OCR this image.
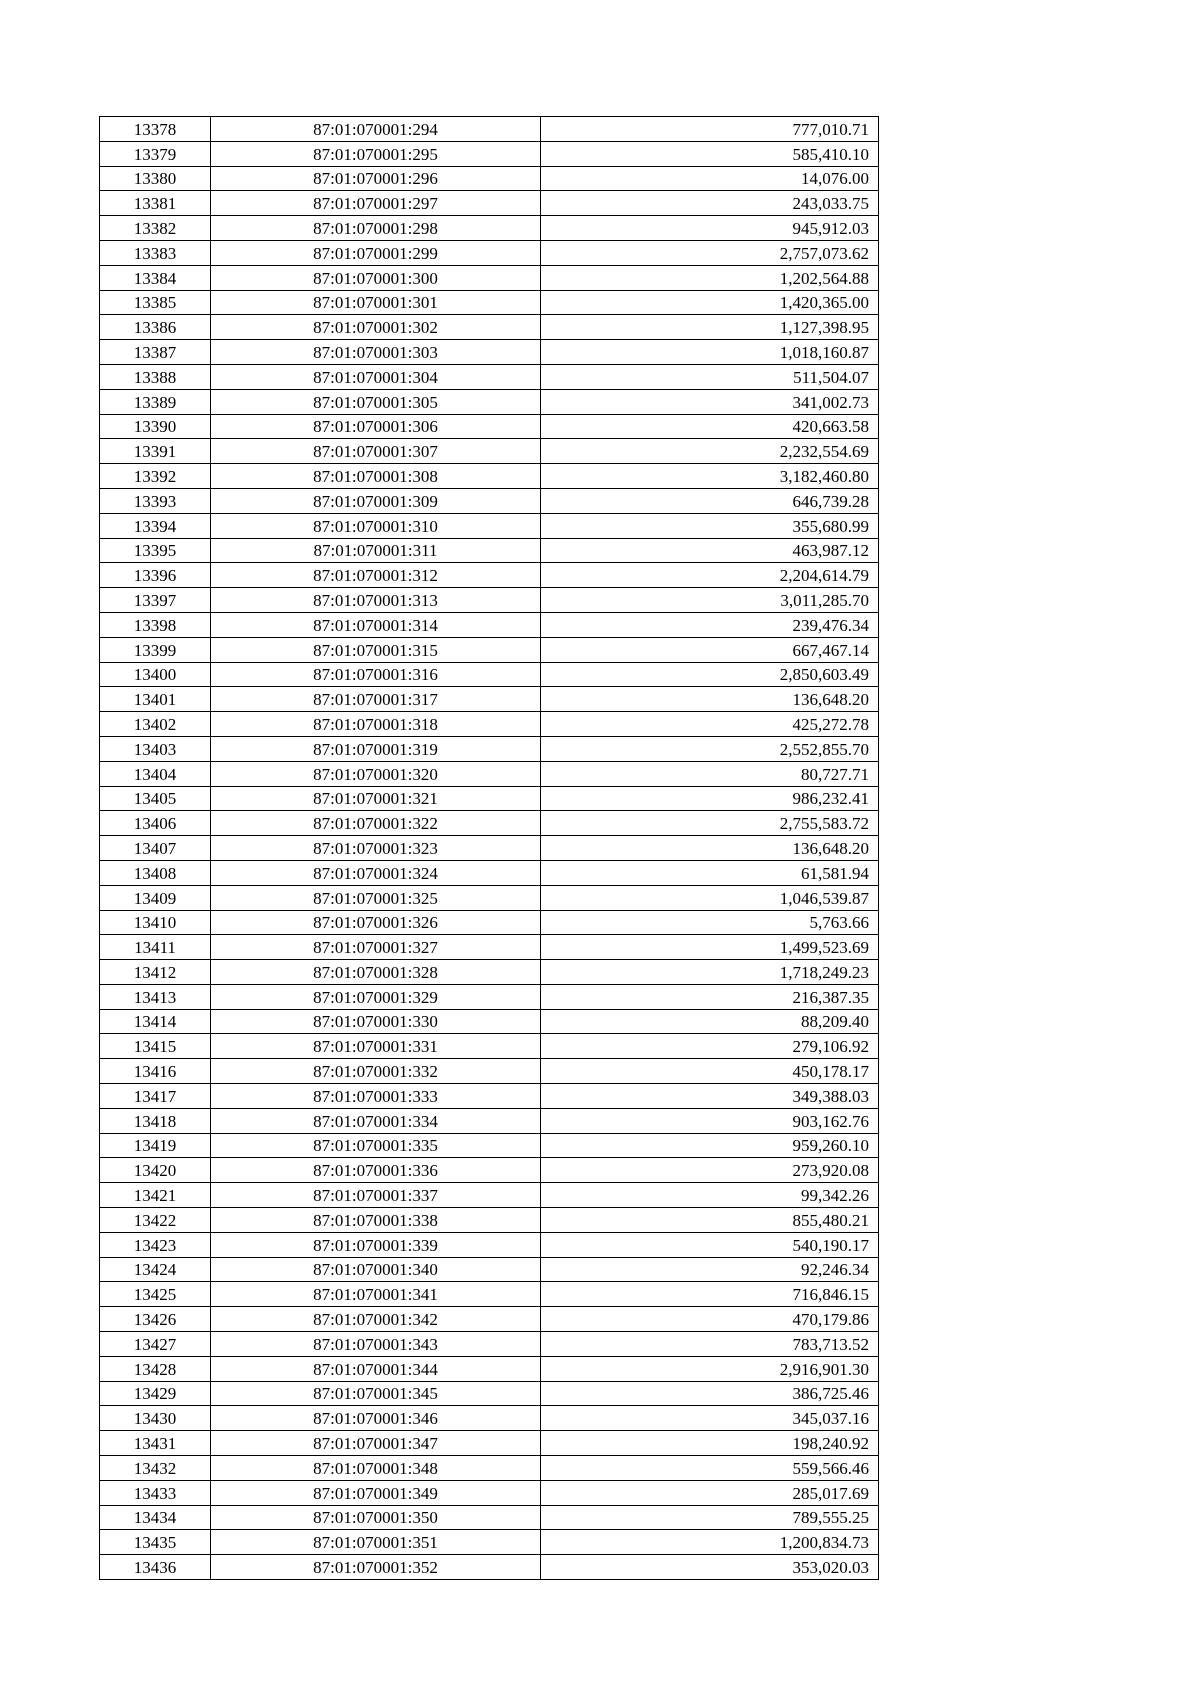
13378	87:01:070001:294	777,010.71
13379	87:01:070001:295	585,410.10
13380	87:01:070001:296	14,076.00
13381	87:01:070001:297	243,033.75
13382	87:01:070001:298	945,912.03
13383	87:01:070001:299	2,757,073.62
13384	87:01:070001:300	1,202,564.88
13385	87:01:070001:301	1,420,365.00
13386	87:01:070001:302	1,127,398.95
13387	87:01:070001:303	1,018,160.87
13388	87:01:070001:304	511,504.07
13389	87:01:070001:305	341,002.73
13390	87:01:070001:306	420,663.58
13391	87:01:070001:307	2,232,554.69
13392	87:01:070001:308	3,182,460.80
13393	87:01:070001:309	646,739.28
13394	87:01:070001:310	355,680.99
13395	87:01:070001:311	463,987.12
13396	87:01:070001:312	2,204,614.79
13397	87:01:070001:313	3,011,285.70
13398	87:01:070001:314	239,476.34
13399	87:01:070001:315	667,467.14
13400	87:01:070001:316	2,850,603.49
13401	87:01:070001:317	136,648.20
13402	87:01:070001:318	425,272.78
13403	87:01:070001:319	2,552,855.70
13404	87:01:070001:320	80,727.71
13405	87:01:070001:321	986,232.41
13406	87:01:070001:322	2,755,583.72
13407	87:01:070001:323	136,648.20
13408	87:01:070001:324	61,581.94
13409	87:01:070001:325	1,046,539.87
13410	87:01:070001:326	5,763.66
13411	87:01:070001:327	1,499,523.69
13412	87:01:070001:328	1,718,249.23
13413	87:01:070001:329	216,387.35
13414	87:01:070001:330	88,209.40
13415	87:01:070001:331	279,106.92
13416	87:01:070001:332	450,178.17
13417	87:01:070001:333	349,388.03
13418	87:01:070001:334	903,162.76
13419	87:01:070001:335	959,260.10
13420	87:01:070001:336	273,920.08
13421	87:01:070001:337	99,342.26
13422	87:01:070001:338	855,480.21
13423	87:01:070001:339	540,190.17
13424	87:01:070001:340	92,246.34
13425	87:01:070001:341	716,846.15
13426	87:01:070001:342	470,179.86
13427	87:01:070001:343	783,713.52
13428	87:01:070001:344	2,916,901.30
13429	87:01:070001:345	386,725.46
13430	87:01:070001:346	345,037.16
13431	87:01:070001:347	198,240.92
13432	87:01:070001:348	559,566.46
13433	87:01:070001:349	285,017.69
13434	87:01:070001:350	789,555.25
13435	87:01:070001:351	1,200,834.73
13436	87:01:070001:352	353,020.03
